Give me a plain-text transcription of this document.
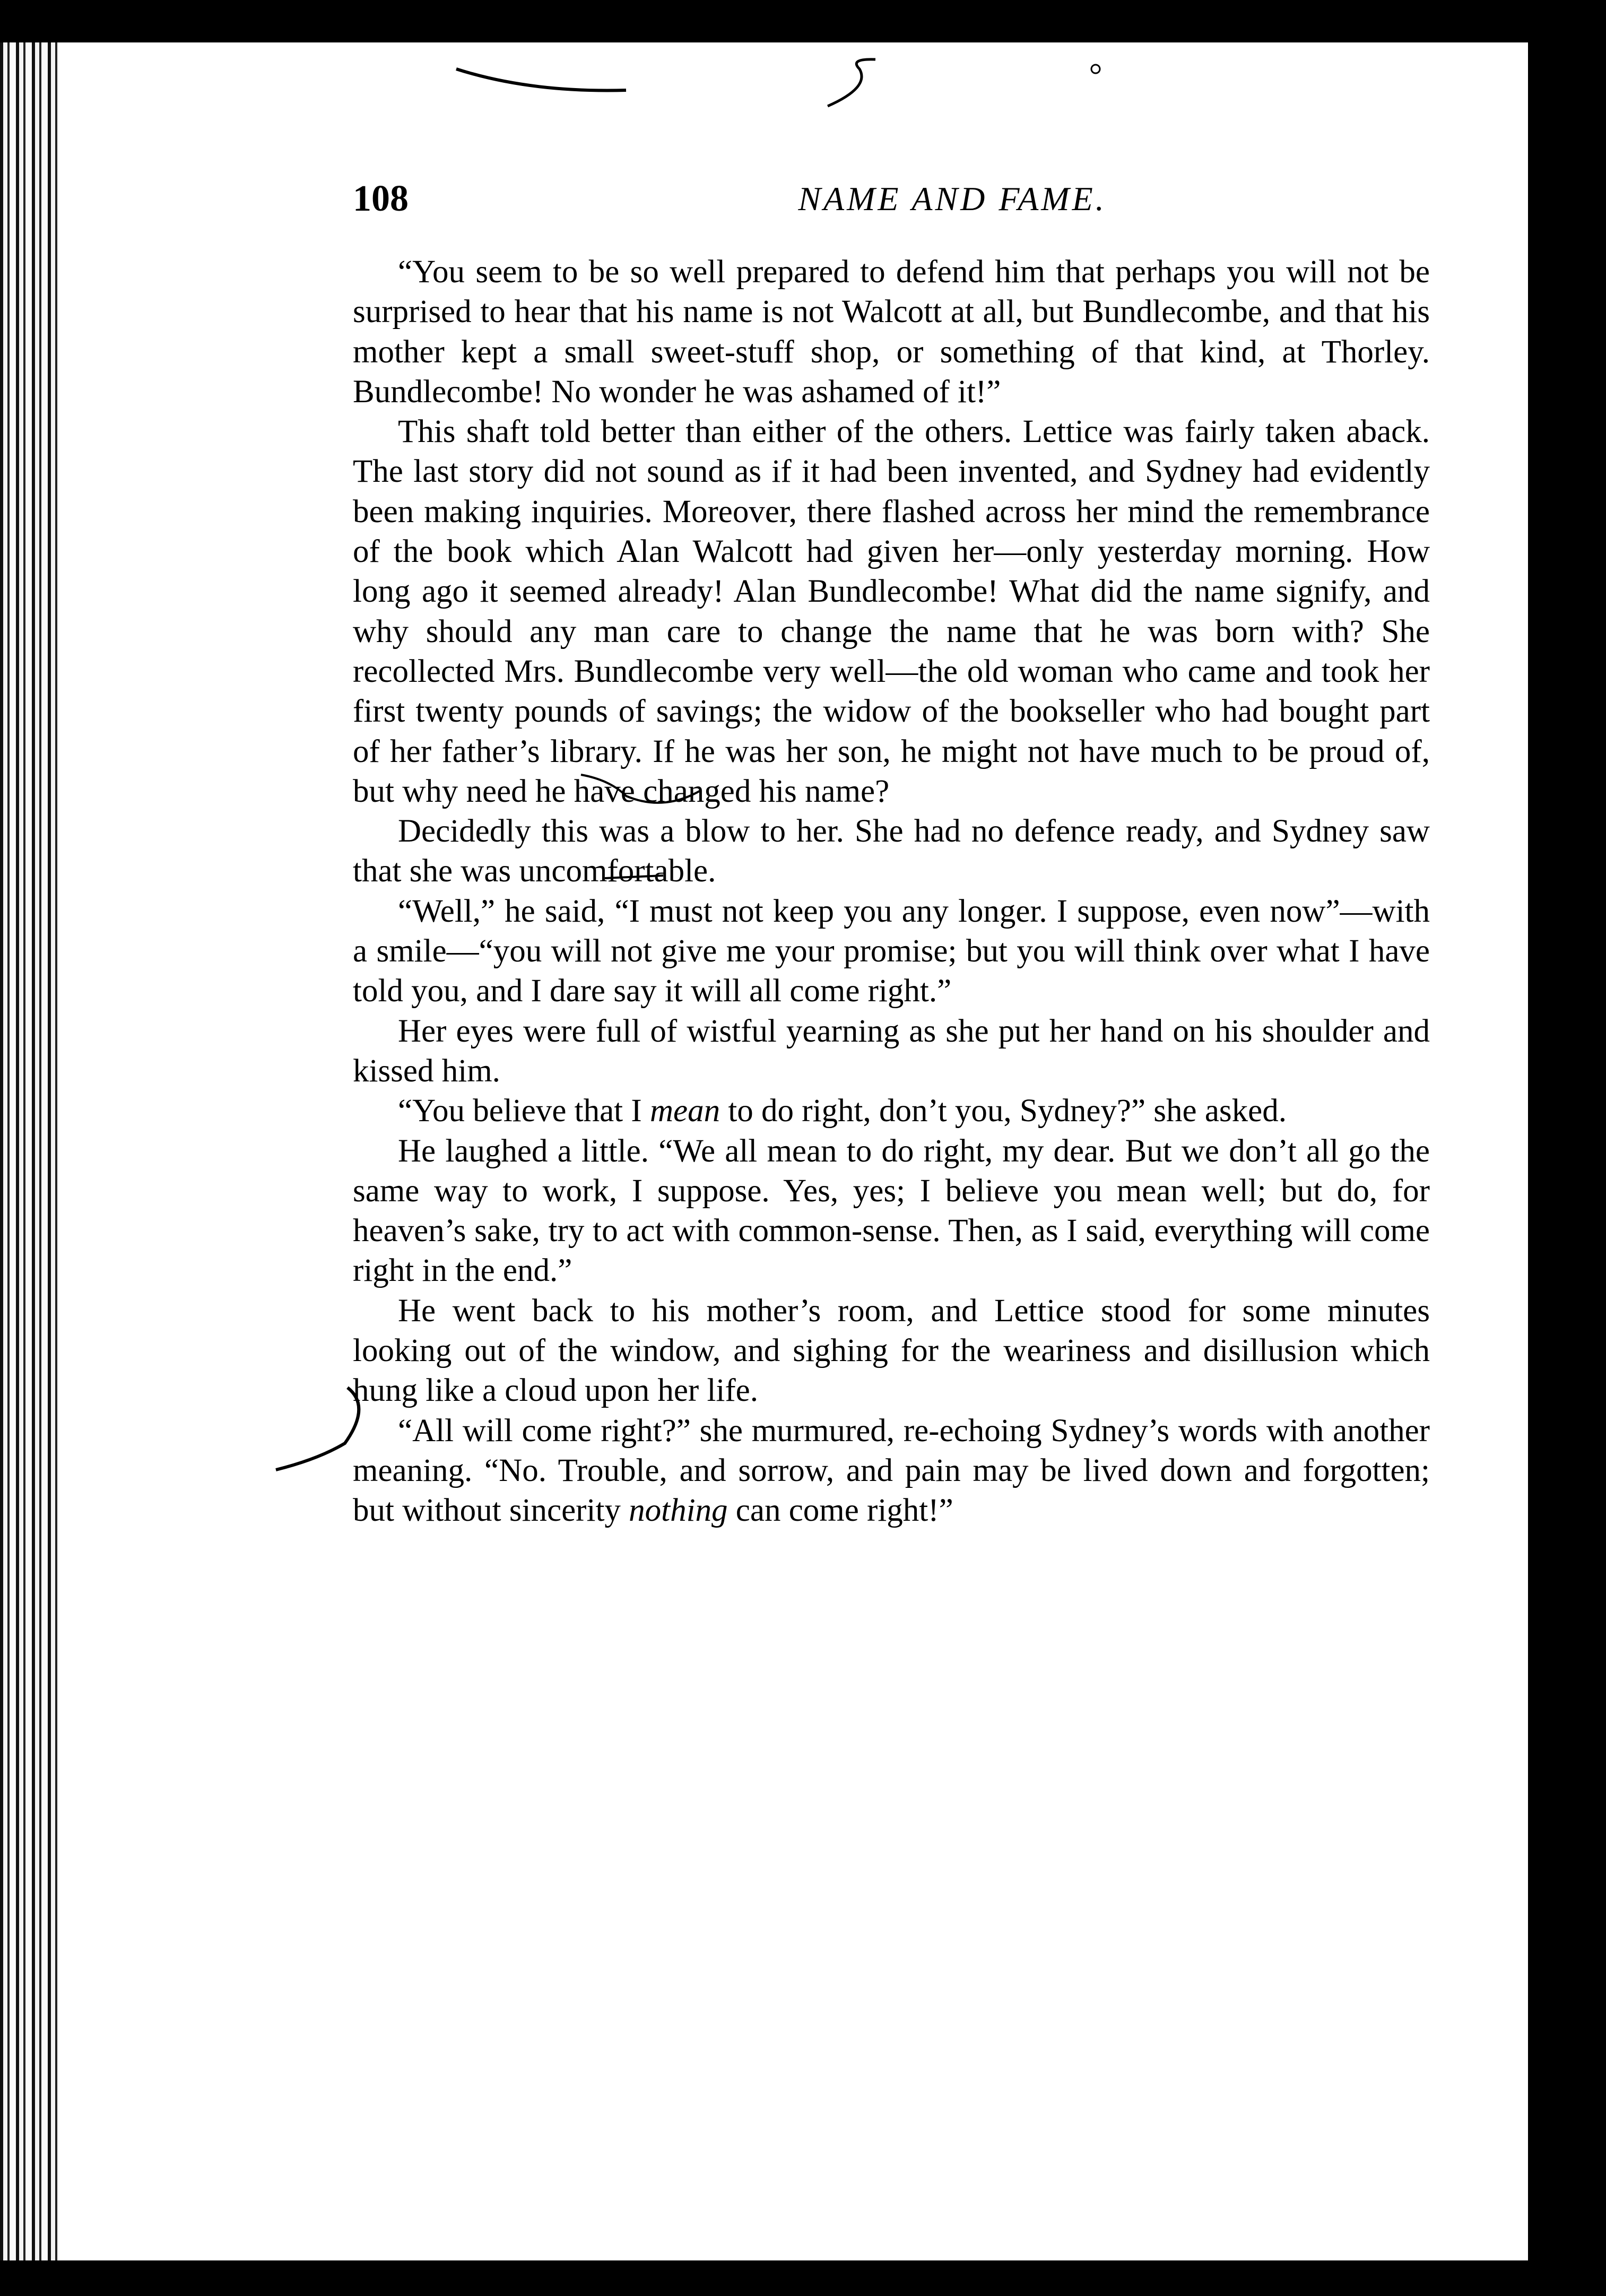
108	NAME AND FAME.

“You seem to be so well prepared to defend him that perhaps you will not be surprised to hear that his name is not Walcott at all, but Bundlecombe, and that his mother kept a small sweet-stuff shop, or something of that kind, at Thorley. Bundlecombe! No wonder he was ashamed of it!”

This shaft told better than either of the others. Lettice was fairly taken aback. The last story did not sound as if it had been invented, and Sydney had evidently been making inquiries. Moreover, there flashed across her mind the remembrance of the book which Alan Walcott had given her—only yesterday morning. How long ago it seemed already! Alan Bundlecombe! What did the name signify, and why should any man care to change the name that he was born with? She recollected Mrs. Bundlecombe very well—the old woman who came and took her first twenty pounds of savings; the widow of the bookseller who had bought part of her father’s library. If he was her son, he might not have much to be proud of, but why need he have changed his name?

Decidedly this was a blow to her. She had no defence ready, and Sydney saw that she was uncomfortable.

“Well,” he said, “I must not keep you any longer. I suppose, even now”—with a smile—“you will not give me your promise; but you will think over what I have told you, and I dare say it will all come right.”

Her eyes were full of wistful yearning as she put her hand on his shoulder and kissed him.

“You believe that I mean to do right, don’t you, Sydney?” she asked.

He laughed a little. “We all mean to do right, my dear. But we don’t all go the same way to work, I suppose. Yes, yes; I believe you mean well; but do, for heaven’s sake, try to act with common-sense. Then, as I said, everything will come right in the end.”

He went back to his mother’s room, and Lettice stood for some minutes looking out of the window, and sighing for the weariness and disillusion which hung like a cloud upon her life.

“All will come right?” she murmured, re-echoing Sydney’s words with another meaning. “No. Trouble, and sorrow, and pain may be lived down and forgotten; but without sincerity nothing can come right!”
